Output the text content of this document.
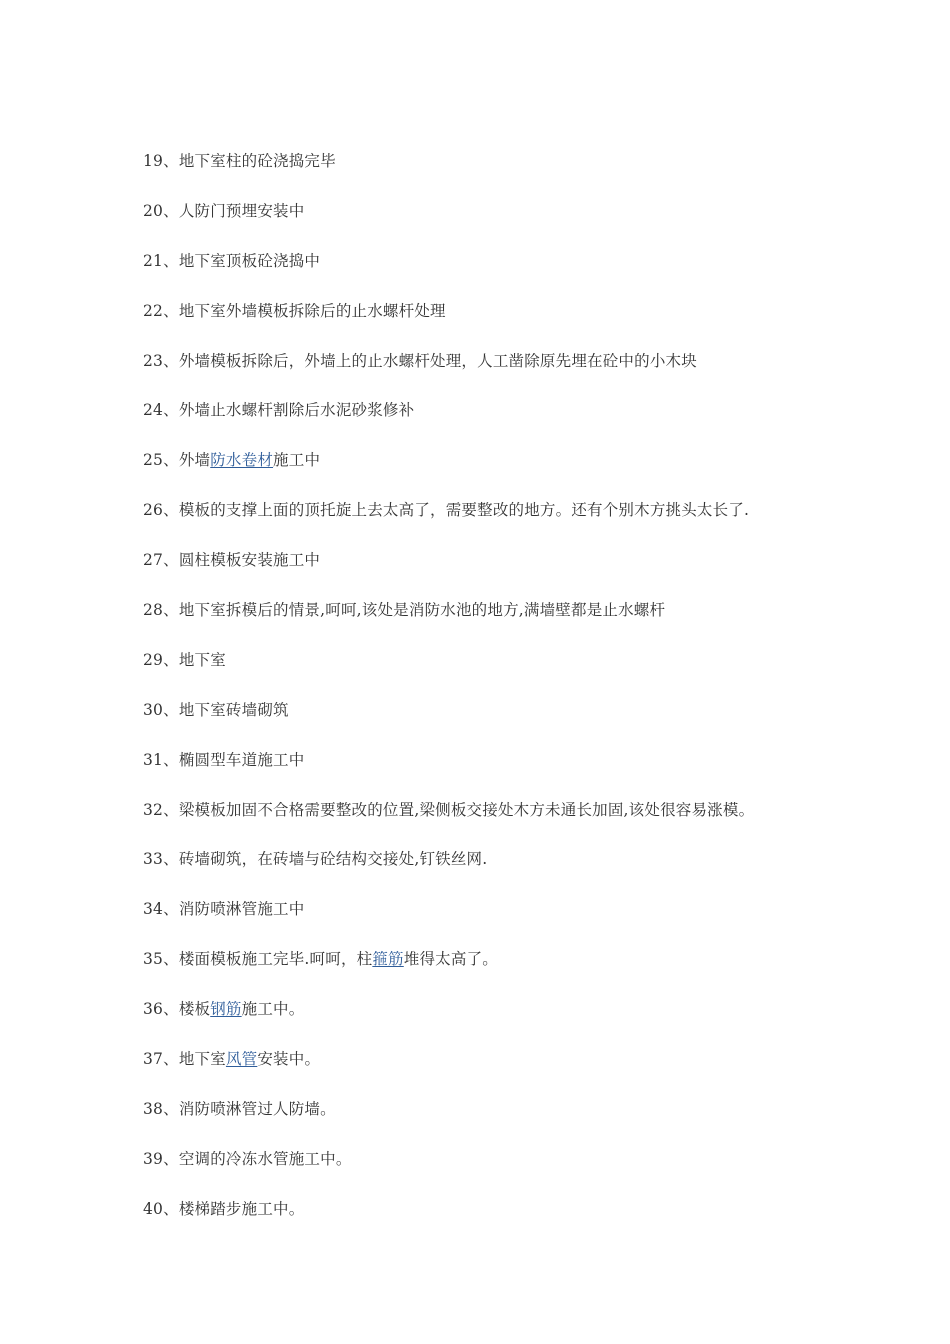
19、地下室柱的砼浇捣完毕
20、人防门预埋安装中
21、地下室顶板砼浇捣中
22、地下室外墙模板拆除后的止水螺杆处理
23、外墙模板拆除后，外墙上的止水螺杆处理，人工凿除原先埋在砼中的小木块
24、外墙止水螺杆割除后水泥砂浆修补
25、外墙防水卷材施工中
26、模板的支撑上面的顶托旋上去太高了，需要整改的地方。还有个别木方挑头太长了.
27、圆柱模板安装施工中
28、地下室拆模后的情景,呵呵,该处是消防水池的地方,满墙壁都是止水螺杆
29、地下室
30、地下室砖墙砌筑
31、椭圆型车道施工中
32、梁模板加固不合格需要整改的位置,梁侧板交接处木方未通长加固,该处很容易涨模。
33、砖墙砌筑，在砖墙与砼结构交接处,钉铁丝网.
34、消防喷淋管施工中
35、楼面模板施工完毕.呵呵，柱箍筋堆得太高了。
36、楼板钢筋施工中。
37、地下室风管安装中。
38、消防喷淋管过人防墙。
39、空调的冷冻水管施工中。
40、楼梯踏步施工中。
